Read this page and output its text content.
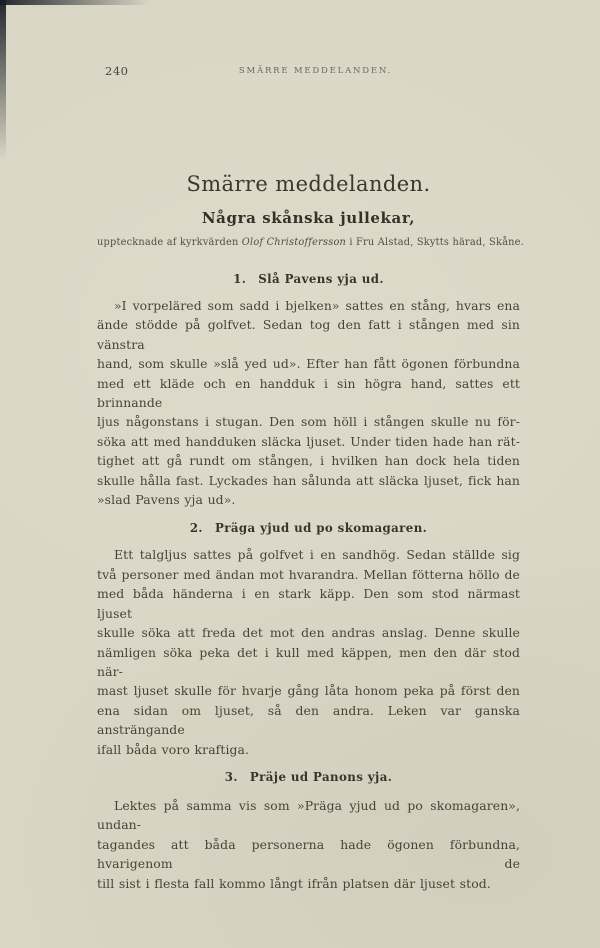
240	SMÄRRE MEDDELANDEN.
Smärre meddelanden.
Några skånska jullekar,
upptecknade af kyrkvärden Olof Christoffersson i Fru Alstad, Skytts härad, Skåne.
1. Slå Pavens yja ud.
»I vorpeläred som sadd i bjelken» sattes en stång, hvars ena
ände stödde på golfvet. Sedan tog den fatt i stången med sin vänstra
hand, som skulle »slå yed ud». Efter han fått ögonen förbundna
med ett kläde och en handduk i sin högra hand, sattes ett brinnande
ljus någonstans i stugan. Den som höll i stången skulle nu för-
söka att med handduken släcka ljuset. Under tiden hade han rät-
tighet att gå rundt om stången, i hvilken han dock hela tiden
skulle hålla fast. Lyckades han sålunda att släcka ljuset, fick han
»slad Pavens yja ud».
2. Präga yjud ud po skomagaren.
Ett talgljus sattes på golfvet i en sandhög. Sedan ställde sig
två personer med ändan mot hvarandra. Mellan fötterna höllo de
med båda händerna i en stark käpp. Den som stod närmast ljuset
skulle söka att freda det mot den andras anslag. Denne skulle
nämligen söka peka det i kull med käppen, men den där stod när-
mast ljuset skulle för hvarje gång låta honom peka på först den
ena sidan om ljuset, så den andra. Leken var ganska ansträngande
ifall båda voro kraftiga.
3. Präje ud Panons yja.
Lektes på samma vis som »Präga yjud ud po skomagaren», undan-
tagandes att båda personerna hade ögonen förbundna, hvarigenom de
till sist i flesta fall kommo långt ifrån platsen där ljuset stod.
